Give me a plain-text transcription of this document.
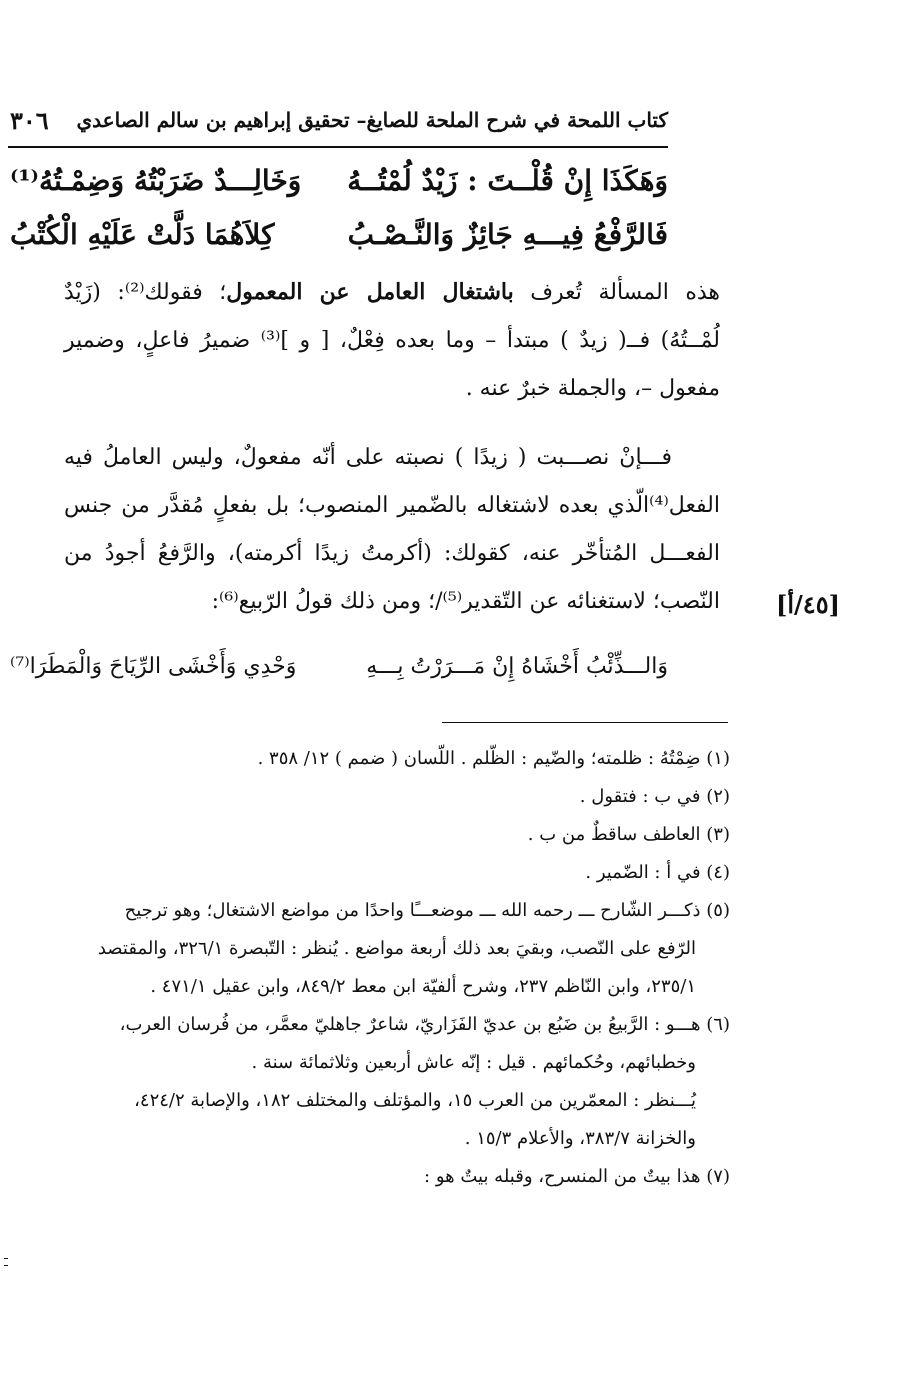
كتاب اللمحة في شرح الملحة للصايغ– تحقيق إبراهيم بن سالم الصاعدي
٣٠٦
وَهَكَذَا إِنْ قُلْــتَ : زَيْدٌ لُمْتُــهُ
وَخَالِـــدٌ ضَرَبْتُهُ وَضِمْـتُهُ⁽¹⁾
فَالرَّفْعُ فِيـــهِ جَائِزٌ وَالنَّـصْـبُ
كِلاَهُمَا دَلَّتْ عَلَيْهِ الْكُتْبُ
هذه المسألة تُعرف باشتغال العامل عن المعمول؛ فقولك⁽²⁾: (زَيْدٌ
لُمْــتُهُ) فــ( زيدٌ ) مبتدأ – وما بعده فِعْلٌ، [ و ]⁽³⁾ ضميرُ فاعلٍ، وضمير
مفعول –، والجملة خبرٌ عنه .
فـــإنْ نصـــبت ( زيدًا ) نصبته على أنّه مفعولٌ، وليس العاملُ فيه
الفعل⁽⁴⁾الّذي بعده لاشتغاله بالضّمير المنصوب؛ بل بفعلٍ مُقدَّر من جنس
الفعـــل المُتأخّر عنه، كقولك: (أكرمتُ زيدًا أكرمته)، والرَّفعُ أجودُ من
النّصب؛ لاستغنائه عن التّقدير⁽⁵⁾/؛ ومن ذلك قولُ الرّبيع⁽⁶⁾: [٤٥/أ]
وَالـــذِّئْبُ أَخْشَاهُ إِنْ مَـــرَرْتُ بِـــهِ
وَحْدِي وَأَخْشَى الرِّيَاحَ وَالْمَطَرَا⁽⁷⁾
(١) ضِمْتُهُ : ظلمته؛ والضّيم : الظّلم . اللّسان ( ضمم ) ١٢/ ٣٥٨ .
(٢) في ب : فتقول .
(٣) العاطف ساقطٌ من ب .
(٤) في أ : الضّمير .
(٥) ذكـــر الشّارح ـــ رحمه الله ـــ موضعـــًا واحدًا من مواضع الاشتغال؛ وهو ترجيح
الرّفع على النّصب، وبقيَ بعد ذلك أربعة مواضع . يُنظر : التّبصرة ٣٢٦/١، والمقتصد
٢٣٥/١، وابن النّاظم ٢٣٧، وشرح ألفيّة ابن معط ٨٤٩/٢، وابن عقيل ٤٧١/١ .
(٦) هـــو : الرَّبيعُ بن ضَبُع بن عديّ الفَزَاريّ، شاعرٌ جاهليّ معمَّر، من فُرسان العرب،
وخطبائهم، وحُكمائهم . قيل : إنّه عاش أربعين وثلاثمائة سنة .
يُـــنظر : المعمّرين من العرب ١٥، والمؤتلف والمختلف ١٨٢، والإصابة ٤٢٤/٢،
والخزانة ٣٨٣/٧، والأعلام ١٥/٣ .
(٧) هذا بيتٌ من المنسرح، وقبله بيتٌ هو :
